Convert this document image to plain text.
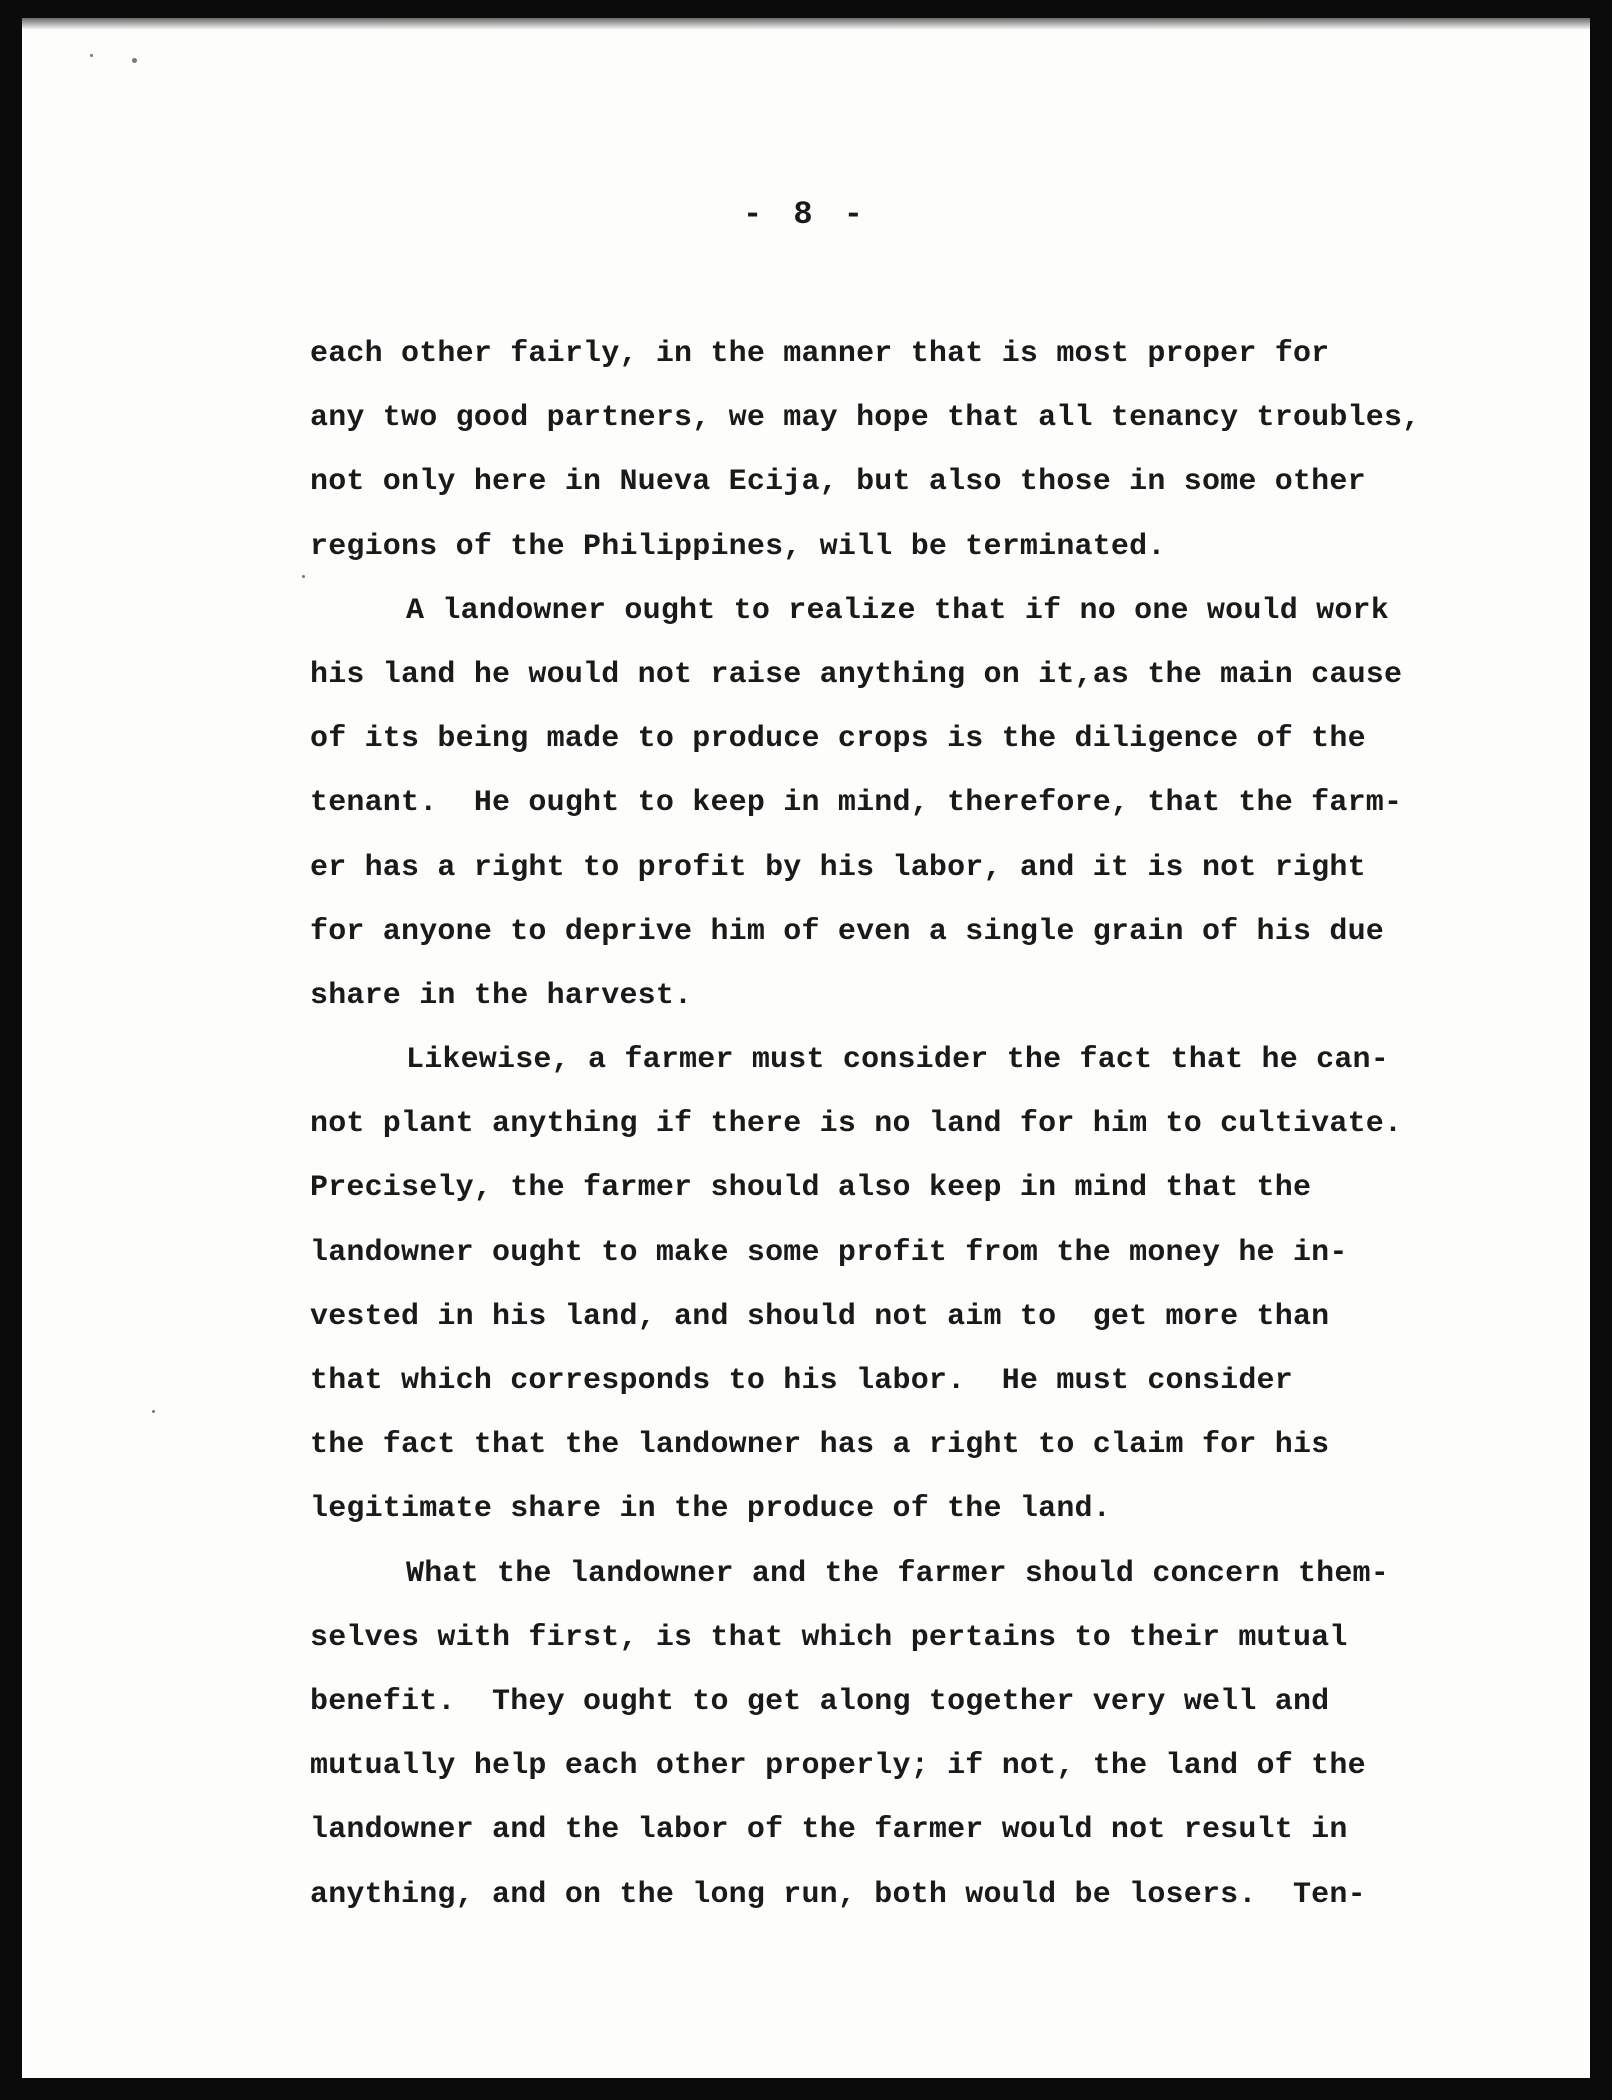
- 8 -
each other fairly, in the manner that is most proper for
any two good partners, we may hope that all tenancy troubles,
not only here in Nueva Ecija, but also those in some other
regions of the Philippines, will be terminated.
A landowner ought to realize that if no one would work
his land he would not raise anything on it,as the main cause
of its being made to produce crops is the diligence of the
tenant.  He ought to keep in mind, therefore, that the farm-
er has a right to profit by his labor, and it is not right
for anyone to deprive him of even a single grain of his due
share in the harvest.
Likewise, a farmer must consider the fact that he can-
not plant anything if there is no land for him to cultivate.
Precisely, the farmer should also keep in mind that the
landowner ought to make some profit from the money he in-
vested in his land, and should not aim to  get more than
that which corresponds to his labor.  He must consider
the fact that the landowner has a right to claim for his
legitimate share in the produce of the land.
What the landowner and the farmer should concern them-
selves with first, is that which pertains to their mutual
benefit.  They ought to get along together very well and
mutually help each other properly; if not, the land of the
landowner and the labor of the farmer would not result in
anything, and on the long run, both would be losers.  Ten-
